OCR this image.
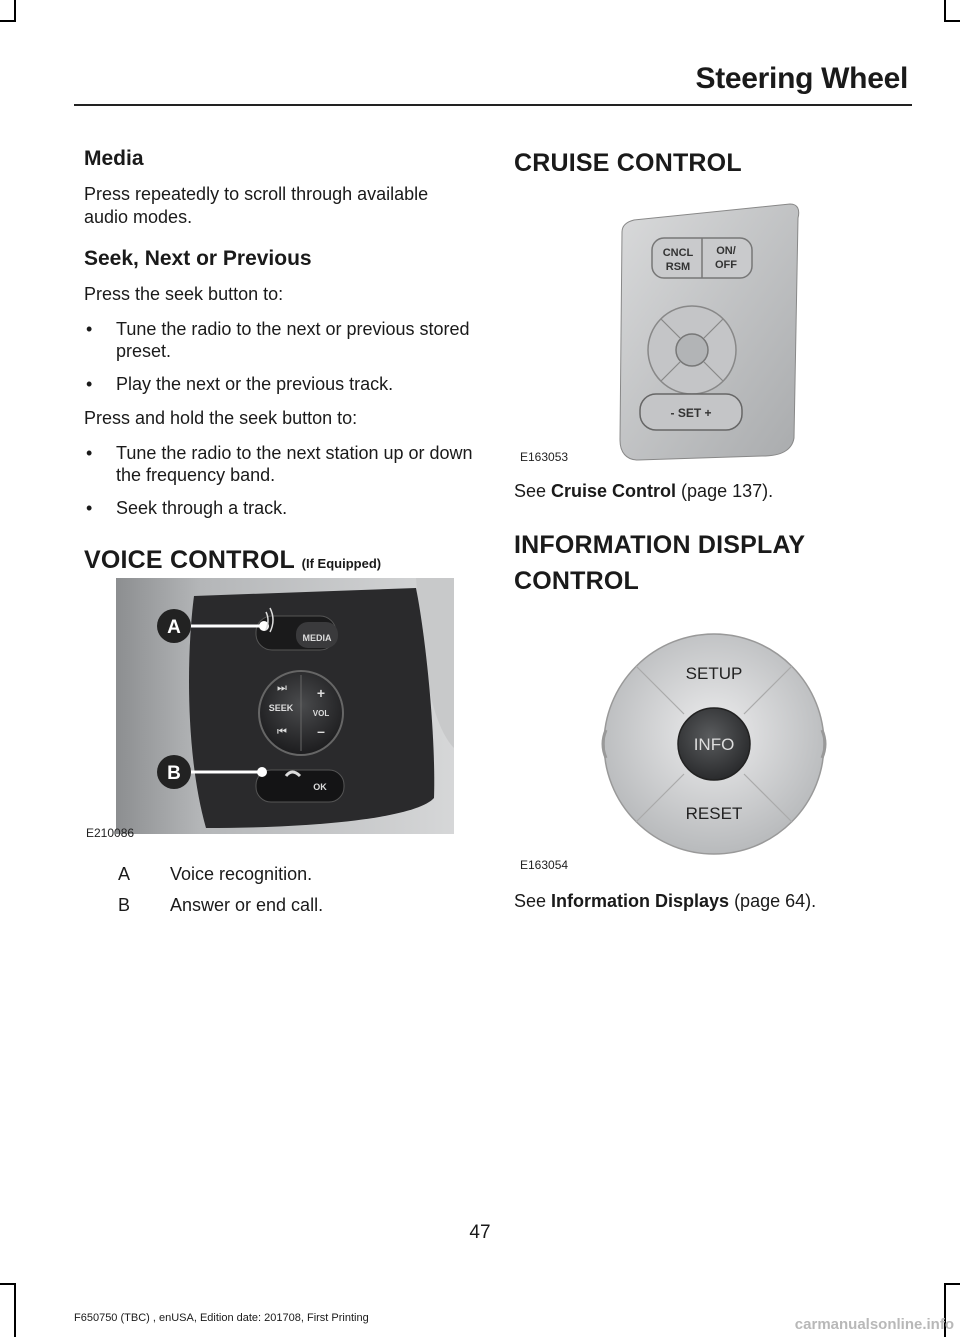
Steering Wheel
Media

Press repeatedly to scroll through available audio modes.

Seek, Next or Previous

Press the seek button to:

• Tune the radio to the next or previous stored preset.
• Play the next or the previous track.

Press and hold the seek button to:

• Tune the radio to the next station up or down the frequency band.
• Seek through a track.
VOICE CONTROL (If Equipped)
A
B
MEDIA
SEEK
VOL
+
–
⏭
⏮
OK
E210086
A	Voice recognition.
B	Answer or end call.
CRUISE CONTROL
CNCL
RSM
ON/
OFF
- SET +
E163053
See Cruise Control (page 137).
INFORMATION DISPLAY
CONTROL
SETUP
INFO
RESET
E163054
See Information Displays (page 64).
47
F650750 (TBC) , enUSA, Edition date: 201708, First Printing	carmanualsonline.info
